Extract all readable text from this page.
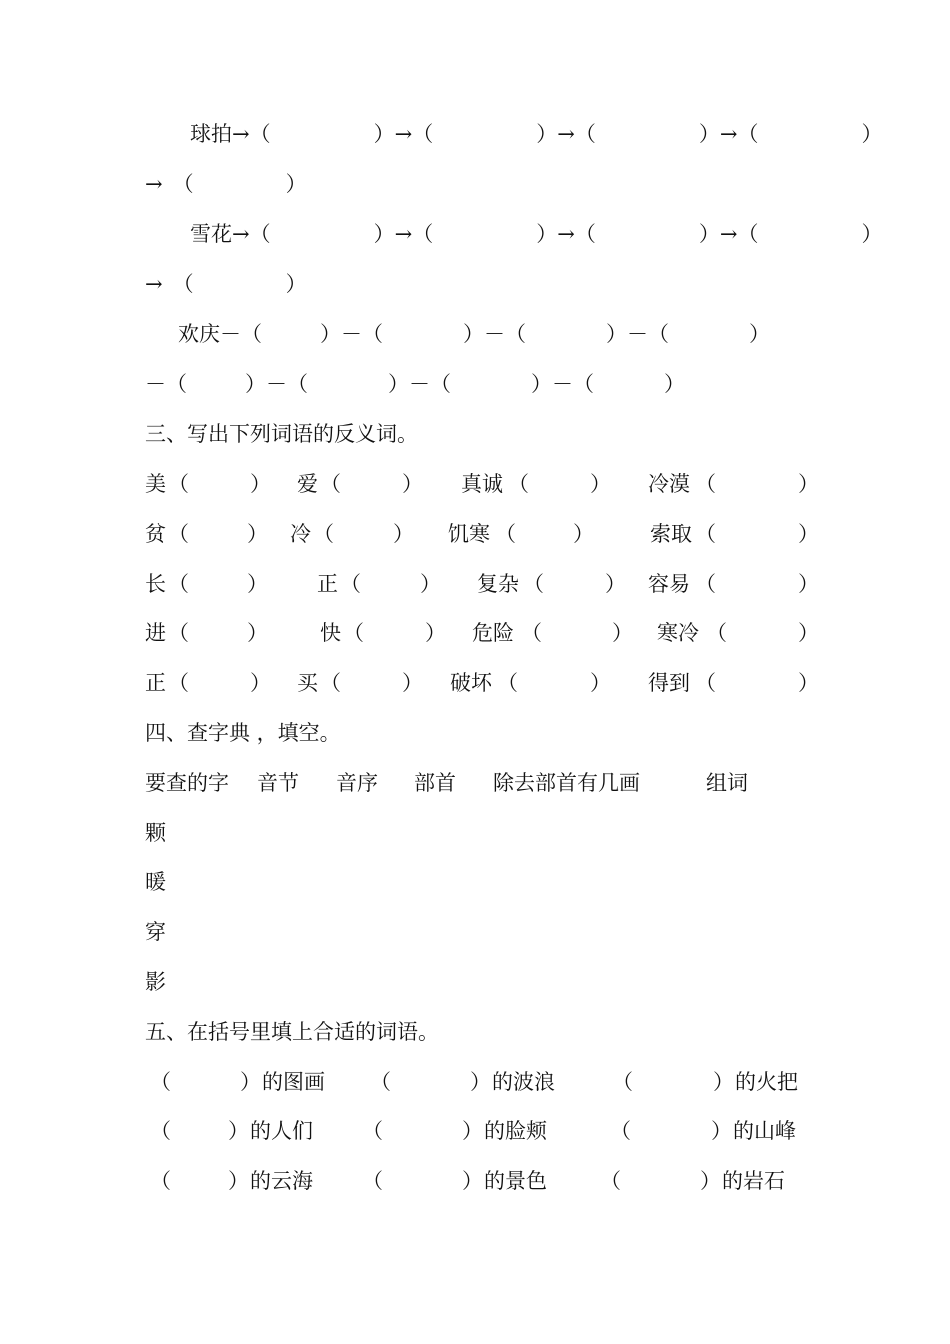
球拍 → （	） → （	） → （	） → （	）
→ （	）
雪花 → （	） → （	） → （	） → （	）
→ （	）
欢庆 － （	） － （	） － （	） － （	）
－ （	） － （	） － （	） － （	）
三、写出下列词语的反义词。
美 （	） 爱 （	） 真诚 （	） 冷漠 （	）
贫 （	） 冷 （	） 饥寒 （	）	索取 （	）
长 （	） 正 （	） 复杂 （	） 容易 （	）
进 （	） 快 （	） 危险 （	） 寒冷 （	）
正 （	） 买 （	） 破坏 （	） 得到 （	）
四、查字典 ，填空。
要查的字 音节 音序 部首 除去部首有几画	组词
颗
暖
穿
影
五、在括号里填上合适的词语。
（	） 的图画 （	） 的波浪	（	） 的火把
（	） 的人们 （	） 的脸颊	（	） 的山峰
（	） 的云海 （	） 的景色	（	） 的岩石
